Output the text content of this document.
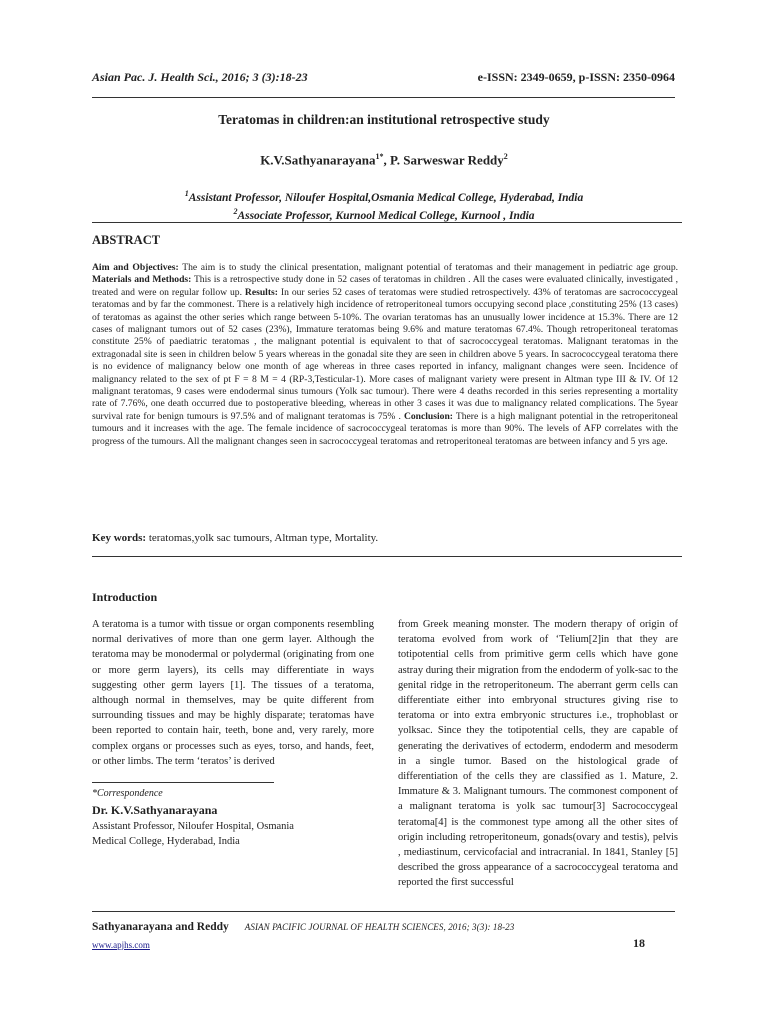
Asian Pac. J. Health Sci., 2016; 3 (3):18-23	e-ISSN: 2349-0659, p-ISSN: 2350-0964
Teratomas in children:an institutional retrospective study
K.V.Sathyanarayana$^{1*}$, P. Sarweswar Reddy$^2$
$^1$Assistant Professor, Niloufer Hospital,Osmania Medical College, Hyderabad, India
$^2$Associate Professor, Kurnool Medical College, Kurnool , India
ABSTRACT
Aim and Objectives: The aim is to study the clinical presentation, malignant potential of teratomas and their management in pediatric age group. Materials and Methods: This is a retrospective study done in 52 cases of teratomas in children . All the cases were evaluated clinically, investigated , treated and were on regular follow up. Results: In our series 52 cases of teratomas were studied retrospectively. 43% of teratomas are sacrococcygeal teratomas and by far the commonest. There is a relatively high incidence of retroperitoneal tumors occupying second place ,constituting 25% (13 cases) of teratomas as against the other series which range between 5-10%. The ovarian teratomas has an unusually lower incidence at 15.3%. There are 12 cases of malignant tumors out of 52 cases (23%), Immature teratomas being 9.6% and mature teratomas 67.4%. Though retroperitoneal teratomas constitute 25% of paediatric teratomas , the malignant potential is equivalent to that of sacrococcygeal teratomas. Malignant teratomas in the extragonadal site is seen in children below 5 years whereas in the gonadal site they are seen in children above 5 years. In sacrococcygeal teratoma there is no evidence of malignancy below one month of age whereas in three cases reported in infancy, malignant changes were seen. Incidence of malignancy related to the sex of pt F = 8 M = 4 (RP-3,Testicular-1). More cases of malignant variety were present in Altman type III & IV. Of 12 malignant teratomas, 9 cases were endodermal sinus tumours (Yolk sac tumour). There were 4 deaths recorded in this series representing a mortality rate of 7.76%, one death occurred due to postoperative bleeding, whereas in other 3 cases it was due to malignancy related complications. The 5year survival rate for benign tumours is 97.5% and of malignant teratomas is 75% . Conclusion: There is a high malignant potential in the retroperitoneal tumours and it increases with the age. The female incidence of sacrococcygeal teratomas is more than 90%. The levels of AFP correlates with the progress of the tumours. All the malignant changes seen in sacrococcygeal teratomas and retroperitoneal teratomas are between infancy and 5 yrs age.
Key words: teratomas,yolk sac tumours, Altman type, Mortality.
Introduction
A teratoma is a tumor with tissue or organ components resembling normal derivatives of more than one germ layer. Although the teratoma may be monodermal or polydermal (originating from one or more germ layers), its cells may differentiate in ways suggesting other germ layers [1]. The tissues of a teratoma, although normal in themselves, may be quite different from surrounding tissues and may be highly disparate; teratomas have been reported to contain hair, teeth, bone and, very rarely, more complex organs or processes such as eyes, torso, and hands, feet, or other limbs. The term ‘teratos’ is derived
from Greek meaning monster. The modern therapy of origin of teratoma evolved from work of ‘Telium[2]in that they are totipotential cells from primitive germ cells which have gone astray during their migration from the endoderm of yolk-sac to the genital ridge in the retroperitoneum. The aberrant germ cells can differentiate either into embryonal structures giving rise to teratoma or into extra embryonic structures i.e., trophoblast or yolksac. Since they the totipotential cells, they are capable of generating the derivatives of ectoderm, endoderm and mesoderm in a single tumor. Based on the histological grade of differentiation of the cells they are classified as 1. Mature, 2. Immature & 3. Malignant tumours. The commonest component of a malignant teratoma is yolk sac tumour[3] Sacrococcygeal teratoma[4] is the commonest type among all the other sites of origin including retroperitoneum, gonads(ovary and testis), pelvis , mediastinum, cervicofacial and intracranial. In 1841, Stanley [5] described the gross appearance of a sacrococcygeal teratoma and reported the first successful
*Correspondence
Dr. K.V.Sathyanarayana
Assistant Professor, Niloufer Hospital, Osmania
Medical College, Hyderabad, India
Sathyanarayana and Reddy ASIAN PACIFIC JOURNAL OF HEALTH SCIENCES, 2016; 3(3): 18-23
www.apjhs.com	18
